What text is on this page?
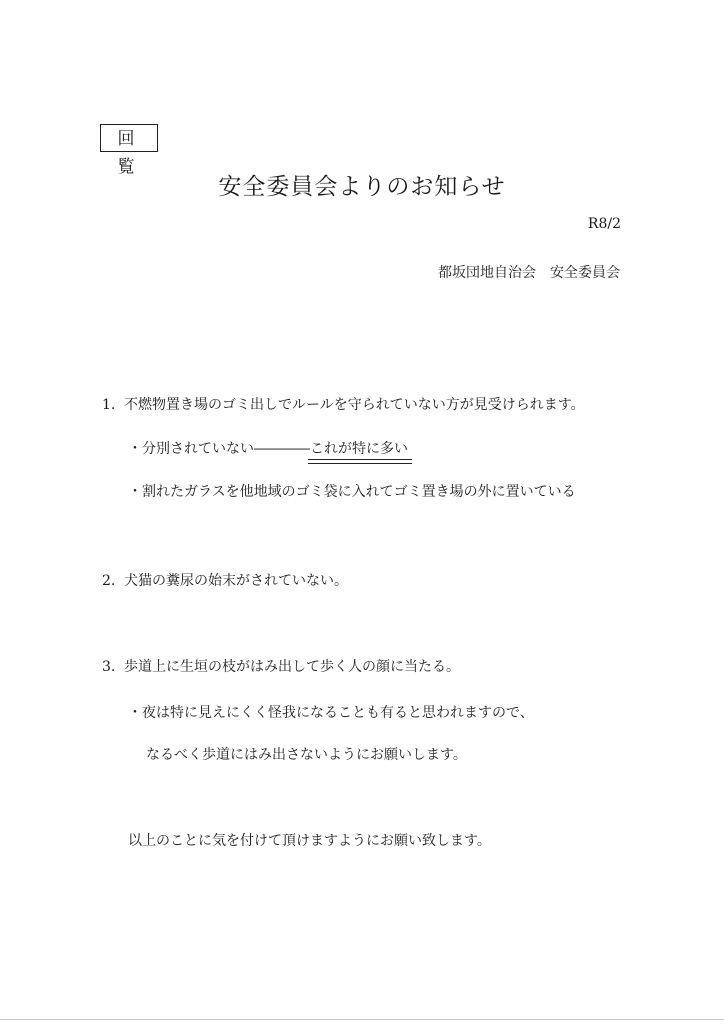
回覧
安全委員会よりのお知らせ
R8/2
都坂団地自治会　安全委員会
1. 不燃物置き場のゴミ出しでルールを守られていない方が見受けられます。
・分別されていない――――これが特に多い
・割れたガラスを他地域のゴミ袋に入れてゴミ置き場の外に置いている
2. 犬猫の糞尿の始末がされていない。
3. 歩道上に生垣の枝がはみ出して歩く人の顔に当たる。
・夜は特に見えにくく怪我になることも有ると思われますので、
なるべく歩道にはみ出さないようにお願いします。
以上のことに気を付けて頂けますようにお願い致します。
